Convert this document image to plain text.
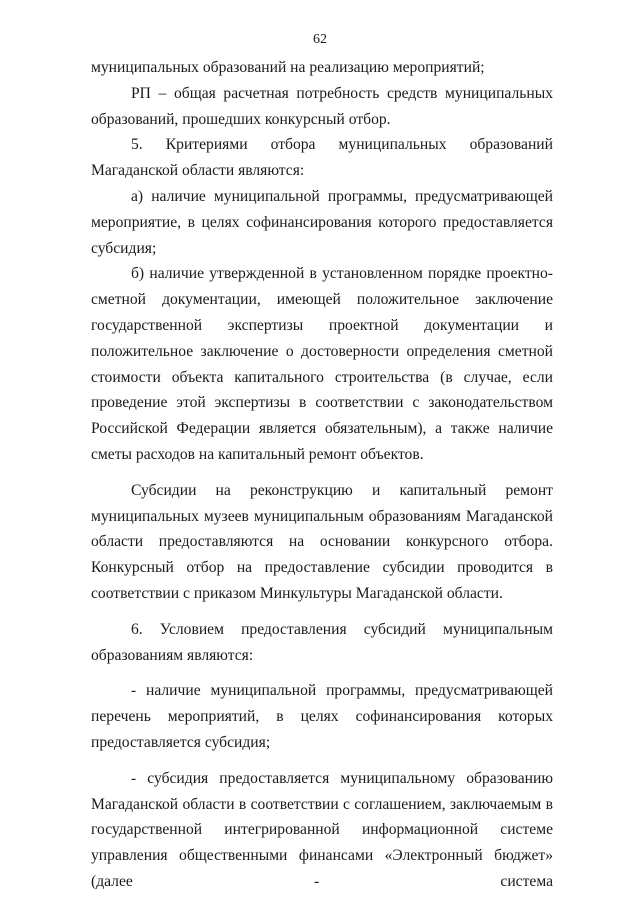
62

муниципальных образований на реализацию мероприятий;

РП – общая расчетная потребность средств муниципальных образований, прошедших конкурсный отбор.

5. Критериями отбора муниципальных образований Магаданской области являются:

а) наличие муниципальной программы, предусматривающей мероприятие, в целях софинансирования которого предоставляется субсидия;

б) наличие утвержденной в установленном порядке проектно-сметной документации, имеющей положительное заключение государственной экспертизы проектной документации и положительное заключение о достоверности определения сметной стоимости объекта капитального строительства (в случае, если проведение этой экспертизы в соответствии с законодательством Российской Федерации является обязательным), а также наличие сметы расходов на капитальный ремонт объектов.

Субсидии на реконструкцию и капитальный ремонт муниципальных музеев муниципальным образованиям Магаданской области предоставляются на основании конкурсного отбора. Конкурсный отбор на предоставление субсидии проводится в соответствии с приказом Минкультуры Магаданской области.

6. Условием предоставления субсидий муниципальным образованиям являются:

- наличие муниципальной программы, предусматривающей перечень мероприятий, в целях софинансирования которых предоставляется субсидия;

- субсидия предоставляется муниципальному образованию Магаданской области в соответствии с соглашением, заключаемым в государственной интегрированной информационной системе управления общественными финансами «Электронный бюджет» (далее - система
